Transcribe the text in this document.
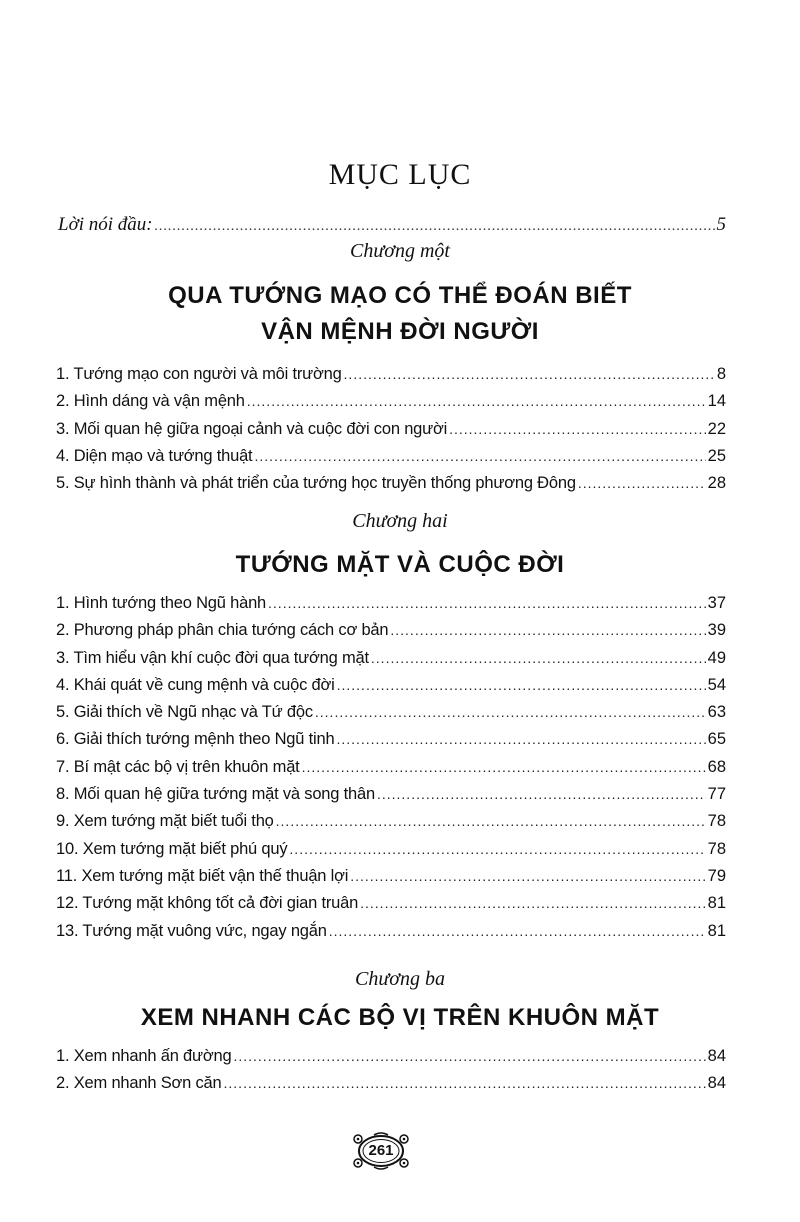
MỤC LỤC
Lời nói đầu: .....	5
Chương một
QUA TƯỚNG MẠO CÓ THỂ ĐOÁN BIẾT
VẬN MỆNH ĐỜI NGƯỜI
1. Tướng mạo con người và môi trường .....	8
2. Hình dáng và vận mệnh .....	14
3. Mối quan hệ giữa ngoại cảnh và cuộc đời con người .....	22
4. Diện mạo và tướng thuật .....	25
5. Sự hình thành và phát triển của tướng học truyền thống phương Đông .....	28
Chương hai
TƯỚNG MẶT VÀ CUỘC ĐỜI
1. Hình tướng theo Ngũ hành .....	37
2. Phương pháp phân chia tướng cách cơ bản .....	39
3. Tìm hiểu vận khí cuộc đời qua tướng mặt .....	49
4. Khái quát về cung mệnh và cuộc đời .....	54
5. Giải thích về Ngũ nhạc và Tứ độc .....	63
6. Giải thích tướng mệnh theo Ngũ tinh .....	65
7. Bí mật các bộ vị trên khuôn mặt .....	68
8. Mối quan hệ giữa tướng mặt và song thân .....	77
9. Xem tướng mặt biết tuổi thọ .....	78
10. Xem tướng mặt biết phú quý .....	78
11. Xem tướng mặt biết vận thế thuận lợi .....	79
12. Tướng mặt không tốt cả đời gian truân .....	81
13. Tướng mặt vuông vức, ngay ngắn .....	81
Chương ba
XEM NHANH CÁC BỘ VỊ TRÊN KHUÔN MẶT
1. Xem nhanh ấn đường .....	84
2. Xem nhanh Sơn căn .....	84
261
